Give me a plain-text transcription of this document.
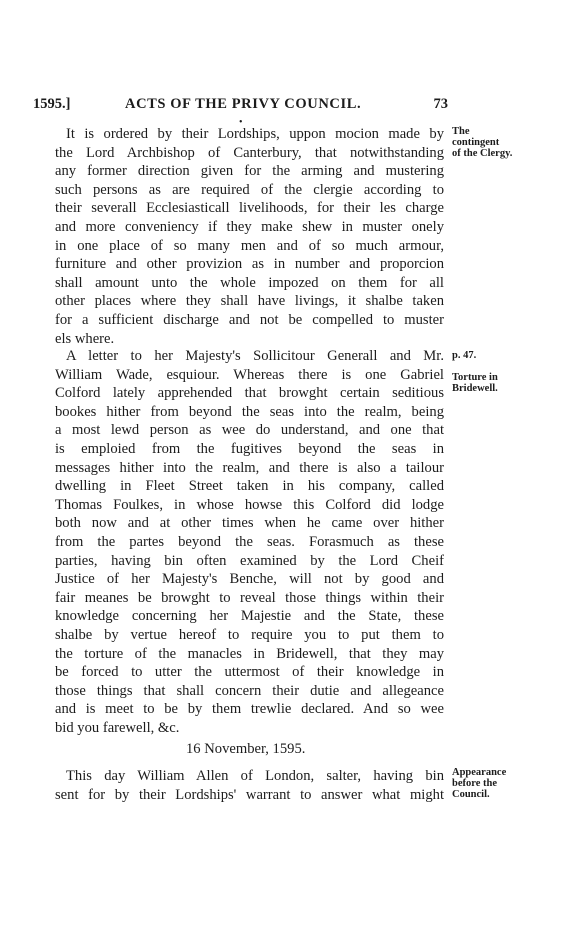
1595.]	ACTS OF THE PRIVY COUNCIL.	73
•
It is ordered by their Lordships, uppon mocion made by
the Lord Archbishop of Canterbury, that notwithstanding
any former direction given for the arming and mustering
such persons as are required of the clergie according to
their severall Ecclesiasticall livelihoods, for their les charge
and more conveniency if they make shew in muster onely
in one place of so many men and of so much armour,
furniture and other provizion as in number and proporcion
shall amount unto the whole impozed on them for all
other places where they shall have livings, it shalbe taken
for a sufficient discharge and not be compelled to muster
els where.
A letter to her Majesty's Sollicitour Generall and Mr.
William Wade, esquiour. Whereas there is one Gabriel
Colford lately apprehended that browght certain seditious
bookes hither from beyond the seas into the realm, being
a most lewd person as wee do understand, and one that
is emploied from the fugitives beyond the seas in
messages hither into the realm, and there is also a tailour
dwelling in Fleet Street taken in his company, called
Thomas Foulkes, in whose howse this Colford did lodge
both now and at other times when he came over hither
from the partes beyond the seas. Forasmuch as these
parties, having bin often examined by the Lord Cheif
Justice of her Majesty's Benche, will not by good and
fair meanes be browght to reveal those things within their
knowledge concerning her Majestie and the State, these
shalbe by vertue hereof to require you to put them to
the torture of the manacles in Bridewell, that they may
be forced to utter the uttermost of their knowledge in
those things that shall concern their dutie and allegeance
and is meet to be by them trewlie declared. And so wee
bid you farewell, &c.
16 November, 1595.
This day William Allen of London, salter, having bin
sent for by their Lordships' warrant to answer what might
The
contingent
of the Clergy.
p. 47.
Torture in
Bridewell.
Appearance
before the
Council.
